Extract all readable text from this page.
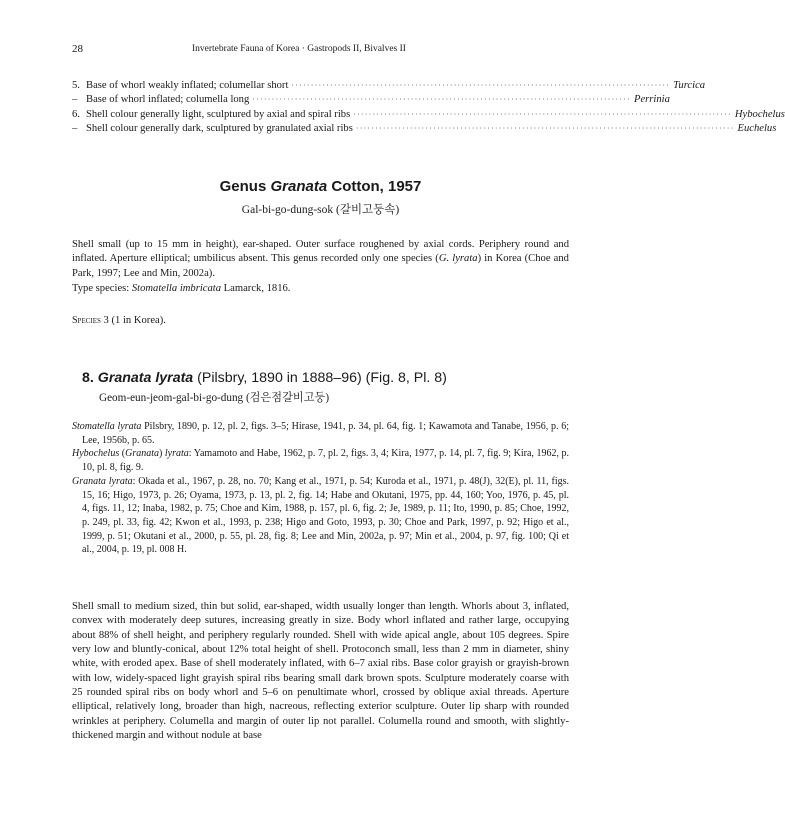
28	Invertebrate Fauna of Korea · Gastropods II, Bivalves II
5. Base of whorl weakly inflated; columellar short ·································································································· Turcica
– Base of whorl inflated; columella long ·································································································· Perrinia
6. Shell colour generally light, sculptured by axial and spiral ribs ·································································································· Hybochelus
– Shell colour generally dark, sculptured by granulated axial ribs ·································································································· Euchelus
Genus Granata Cotton, 1957
Gal-bi-go-dung-sok (갈비고둥속)
Shell small (up to 15 mm in height), ear-shaped. Outer surface roughened by axial cords. Periphery round and inflated. Aperture elliptical; umbilicus absent. This genus recorded only one species (G. lyrata) in Korea (Choe and Park, 1997; Lee and Min, 2002a).
Type species: Stomatella imbricata Lamarck, 1816.
Species 3 (1 in Korea).
8. Granata lyrata (Pilsbry, 1890 in 1888–96) (Fig. 8, Pl. 8)
Geom-eun-jeom-gal-bi-go-dung (검은점갈비고둥)

Stomatella lyrata Pilsbry, 1890, p. 12, pl. 2, figs. 3–5; Hirase, 1941, p. 34, pl. 64, fig. 1; Kawamota and Tanabe, 1956, p. 6; Lee, 1956b, p. 65.

Hybochelus (Granata) lyrata: Yamamoto and Habe, 1962, p. 7, pl. 2, figs. 3, 4; Kira, 1977, p. 14, pl. 7, fig. 9; Kira, 1962, p. 10, pl. 8, fig. 9.

Granata lyrata: Okada et al., 1967, p. 28, no. 70; Kang et al., 1971, p. 54; Kuroda et al., 1971, p. 48(J), 32(E), pl. 11, figs. 15, 16; Higo, 1973, p. 26; Oyama, 1973, p. 13, pl. 2, fig. 14; Habe and Okutani, 1975, pp. 44, 160; Yoo, 1976, p. 45, pl. 4, figs. 11, 12; Inaba, 1982, p. 75; Choe and Kim, 1988, p. 157, pl. 6, fig. 2; Je, 1989, p. 11; Ito, 1990, p. 85; Choe, 1992, p. 249, pl. 33, fig. 42; Kwon et al., 1993, p. 238; Higo and Goto, 1993, p. 30; Choe and Park, 1997, p. 92; Higo et al., 1999, p. 51; Okutani et al., 2000, p. 55, pl. 28, fig. 8; Lee and Min, 2002a, p. 97; Min et al., 2004, p. 97, fig. 100; Qi et al., 2004, p. 19, pl. 008 H.

Shell small to medium sized, thin but solid, ear-shaped, width usually longer than length. Whorls about 3, inflated, convex with moderately deep sutures, increasing greatly in size. Body whorl inflated and rather large, occupying about 88% of shell height, and periphery regularly rounded. Shell with wide apical angle, about 105 degrees. Spire very low and bluntly-conical, about 12% total height of shell. Protoconch small, less than 2 mm in diameter, shiny white, with eroded apex. Base of shell moderately inflated, with 6–7 axial ribs. Base color grayish or grayish-brown with low, widely-spaced light grayish spiral ribs bearing small dark brown spots. Sculpture moderately coarse with 25 rounded spiral ribs on body whorl and 5–6 on penultimate whorl, crossed by oblique axial threads. Aperture elliptical, relatively long, broader than high, nacreous, reflecting exterior sculpture. Outer lip sharp with rounded wrinkles at periphery. Columella and margin of outer lip not parallel. Columella round and smooth, with slightly-thickened margin and without nodule at base
